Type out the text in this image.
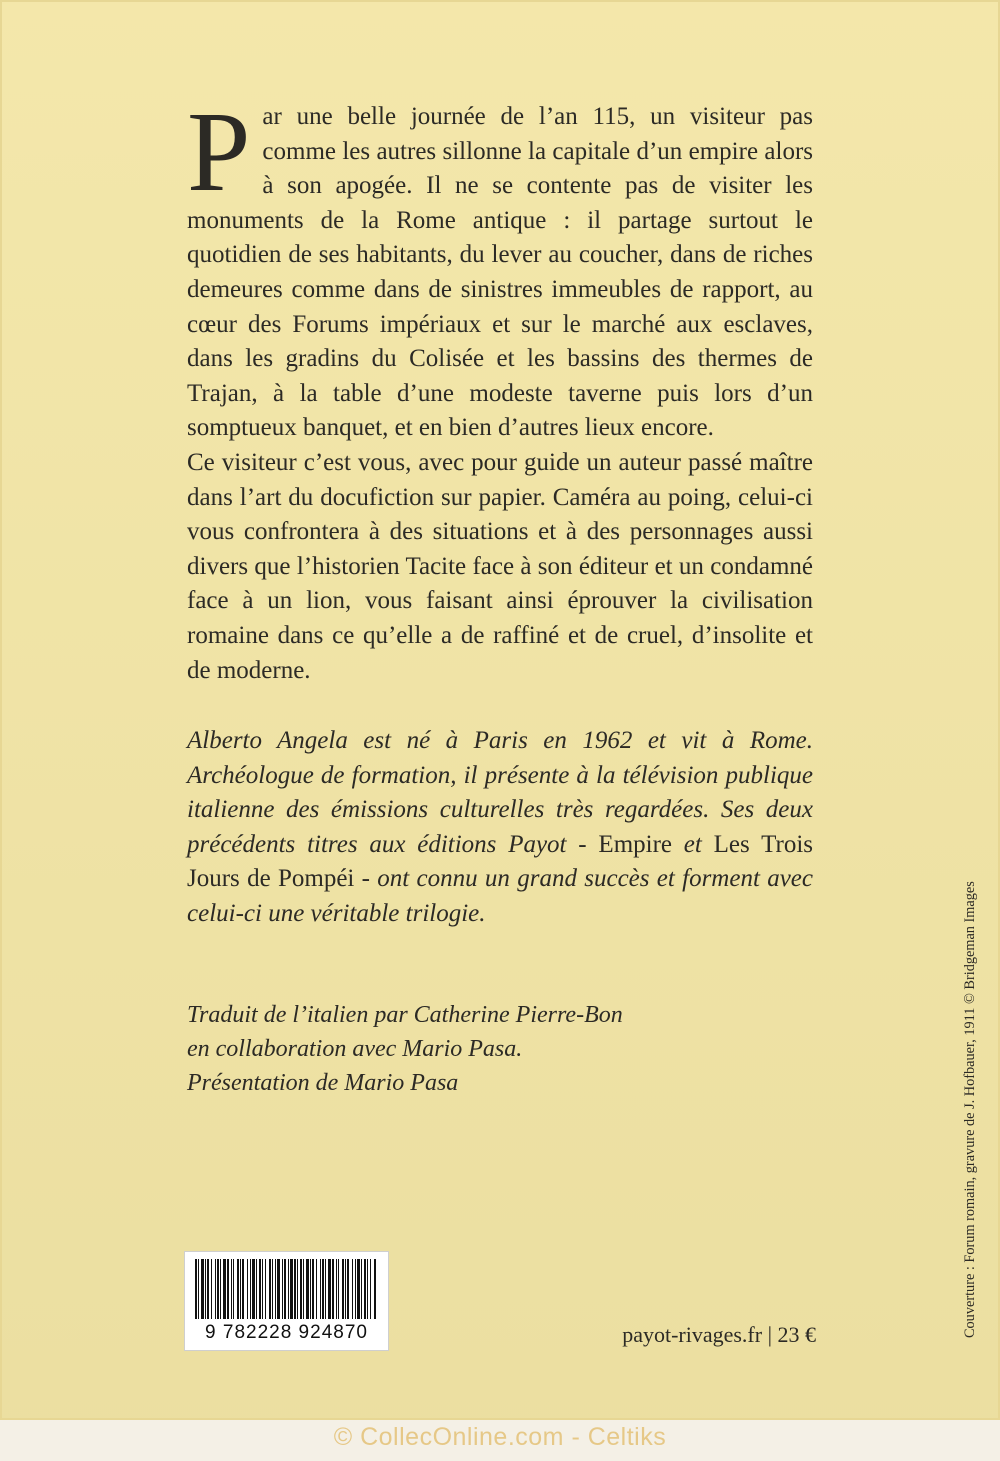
Par une belle journée de l’an 115, un visiteur pas comme les autres sillonne la capitale d’un empire alors à son apogée. Il ne se contente pas de visiter les monuments de la Rome antique : il partage surtout le quotidien de ses habitants, du lever au coucher, dans de riches demeures comme dans de sinistres immeubles de rapport, au cœur des Forums impériaux et sur le marché aux esclaves, dans les gradins du Colisée et les bassins des thermes de Trajan, à la table d’une modeste taverne puis lors d’un somptueux banquet, et en bien d’autres lieux encore.

Ce visiteur c’est vous, avec pour guide un auteur passé maître dans l’art du docufiction sur papier. Caméra au poing, celui-ci vous confrontera à des situations et à des personnages aussi divers que l’historien Tacite face à son éditeur et un condamné face à un lion, vous faisant ainsi éprouver la civilisation romaine dans ce qu’elle a de raffiné et de cruel, d’insolite et de moderne.

Alberto Angela est né à Paris en 1962 et vit à Rome. Archéologue de formation, il présente à la télévision publique italienne des émissions culturelles très regardées. Ses deux précédents titres aux éditions Payot - Empire et Les Trois Jours de Pompéi - ont connu un grand succès et forment avec celui-ci une véritable trilogie.

Traduit de l’italien par Catherine Pierre-Bon
en collaboration avec Mario Pasa.
Présentation de Mario Pasa
9 782228 924870	payot-rivages.fr | 23 €	Couverture : Forum romain, gravure de J. Hofbauer, 1911 © Bridgeman Images
© CollecOnline.com - Celtiks
